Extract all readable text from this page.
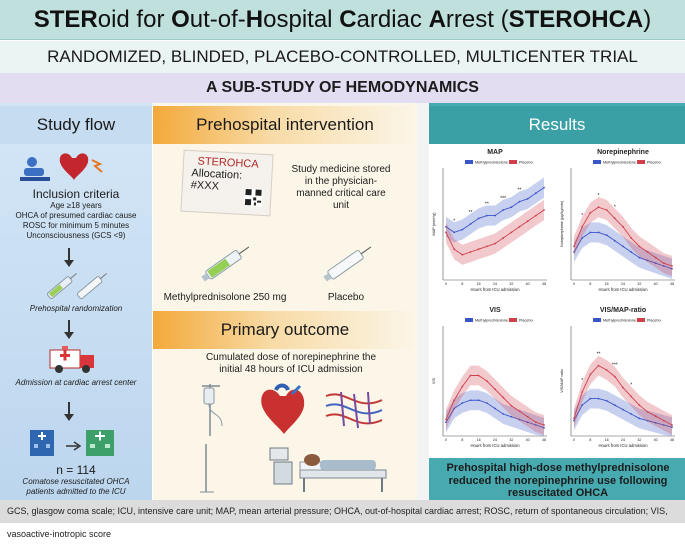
STERoid for Out-of-Hospital Cardiac Arrest (STEROHCA)
RANDOMIZED, BLINDED, PLACEBO-CONTROLLED, MULTICENTER TRIAL
A SUB-STUDY OF HEMODYNAMICS
Study flow
Inclusion criteria
Age ≥18 years
OHCA of presumed cardiac cause
ROSC for minimum 5 minutes
Unconsciousness (GCS <9)
Prehospital randomization
Admission at cardiac arrest center
n = 114
Comatose resuscitated OHCA patients admitted to the ICU
Prehospital intervention
STEROHCA
Allocation:
#XXX
Study medicine stored in the physician-manned critical care unit
Methylprednisolone 250 mg	Placebo
Primary outcome
Cumulated dose of norepinephrine the initial 48 hours of ICU admission
Results
MAP
Methylprednisolone	Placebo
0	8	16	24	32	40	48
Hours from ICU admission
MAP (mmHg)	*
**
**
***
**
Norepinephrine
Methylprednisolone	Placebo
0	8	16	24	32	40	48
Hours from ICU admission
Norepinephrine (µg/kg/min)	*
*
*
VIS
Methylprednisolone	Placebo
0	8	16	24	32	40	48
Hours from ICU admission
VIS
VIS/MAP-ratio
Methylprednisolone	Placebo
0	8	16	24	32	40	48
Hours from ICU admission
VIS/MAP ratio	*
**
***
*
Prehospital high-dose methylprednisolone reduced the norepinephrine use following resuscitated OHCA
GCS, glasgow coma scale; ICU, intensive care unit; MAP, mean arterial pressure; OHCA, out-of-hospital cardiac arrest; ROSC, return of spontaneous circulation; VIS, vasoactive-inotropic score
